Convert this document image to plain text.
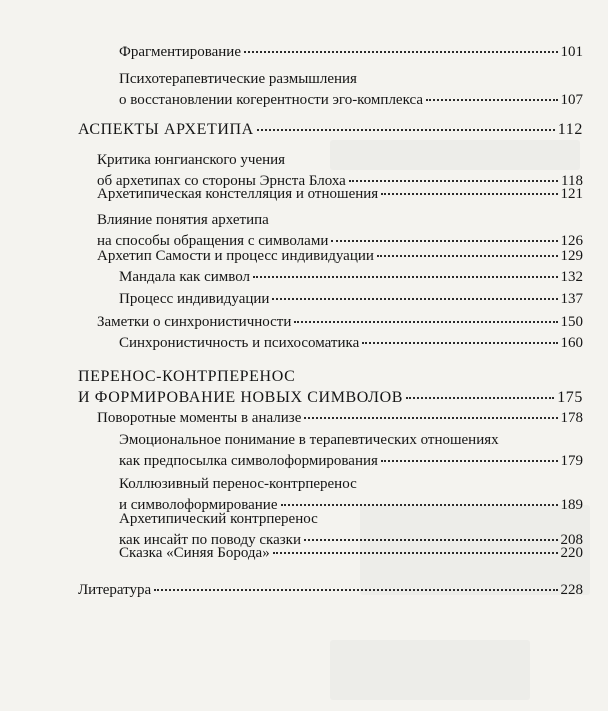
Фрагментирование	101
Психотерапевтические размышления
о восстановлении когерентности эго-комплекса	107
АСПЕКТЫ АРХЕТИПА	112
Критика юнгианского учения
об архетипах со стороны Эрнста Блоха	118
Архетипическая констелляция и отношения	121
Влияние понятия архетипа
на способы обращения с символами	126
Архетип Самости и процесс индивидуации	129
Мандала как символ	132
Процесс индивидуации	137
Заметки о синхронистичности	150
Синхронистичность и психосоматика	160
ПЕРЕНОС-КОНТРПЕРЕНОС
И ФОРМИРОВАНИЕ НОВЫХ СИМВОЛОВ	175
Поворотные моменты в анализе	178
Эмоциональное понимание в терапевтических отношениях
как предпосылка символоформирования	179
Коллюзивный перенос-контрперенос
и символоформирование	189
Архетипический контрперенос
как инсайт по поводу сказки	208
Сказка «Синяя Борода»	220
Литература	228
